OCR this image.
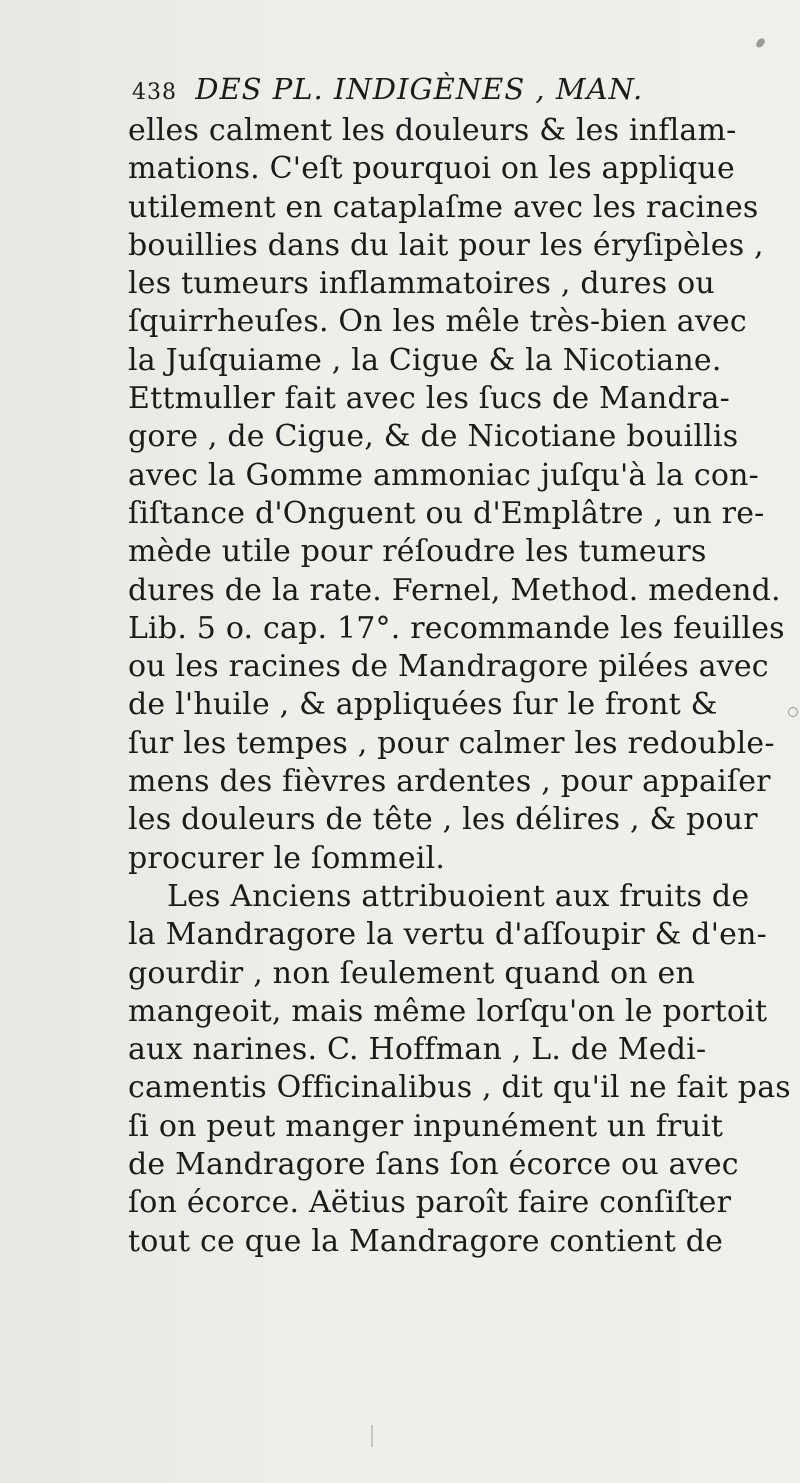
438 DES PL. INDIGÈNES , MAN.
elles calment les douleurs & les inflam-
mations. C'eſt pourquoi on les applique
utilement en cataplaſme avec les racines
bouillies dans du lait pour les éryſipèles ,
les tumeurs inflammatoires , dures ou
ſquirrheuſes. On les mêle très-bien avec
la Juſquiame , la Cigue & la Nicotiane.
Ettmuller fait avec les ſucs de Mandra-
gore , de Cigue, & de Nicotiane bouillis
avec la Gomme ammoniac juſqu'à la con-
ſiſtance d'Onguent ou d'Emplâtre , un re-
mède utile pour réſoudre les tumeurs
dures de la rate. Fernel, Method. medend.
Lib. 5 o. cap. 17°. recommande les feuilles
ou les racines de Mandragore pilées avec
de l'huile , & appliquées ſur le front &
ſur les tempes , pour calmer les redouble-
mens des fièvres ardentes , pour appaiſer
les douleurs de tête , les délires , & pour
procurer le ſommeil.
Les Anciens attribuoient aux fruits de
la Mandragore la vertu d'aſſoupir & d'en-
gourdir , non ſeulement quand on en
mangeoit, mais même lorſqu'on le portoit
aux narines. C. Hoffman , L. de Medi-
camentis Officinalibus , dit qu'il ne fait pas
ſi on peut manger inpunément un fruit
de Mandragore ſans ſon écorce ou avec
ſon écorce. Aëtius paroît faire conſiſter
tout ce que la Mandragore contient de
